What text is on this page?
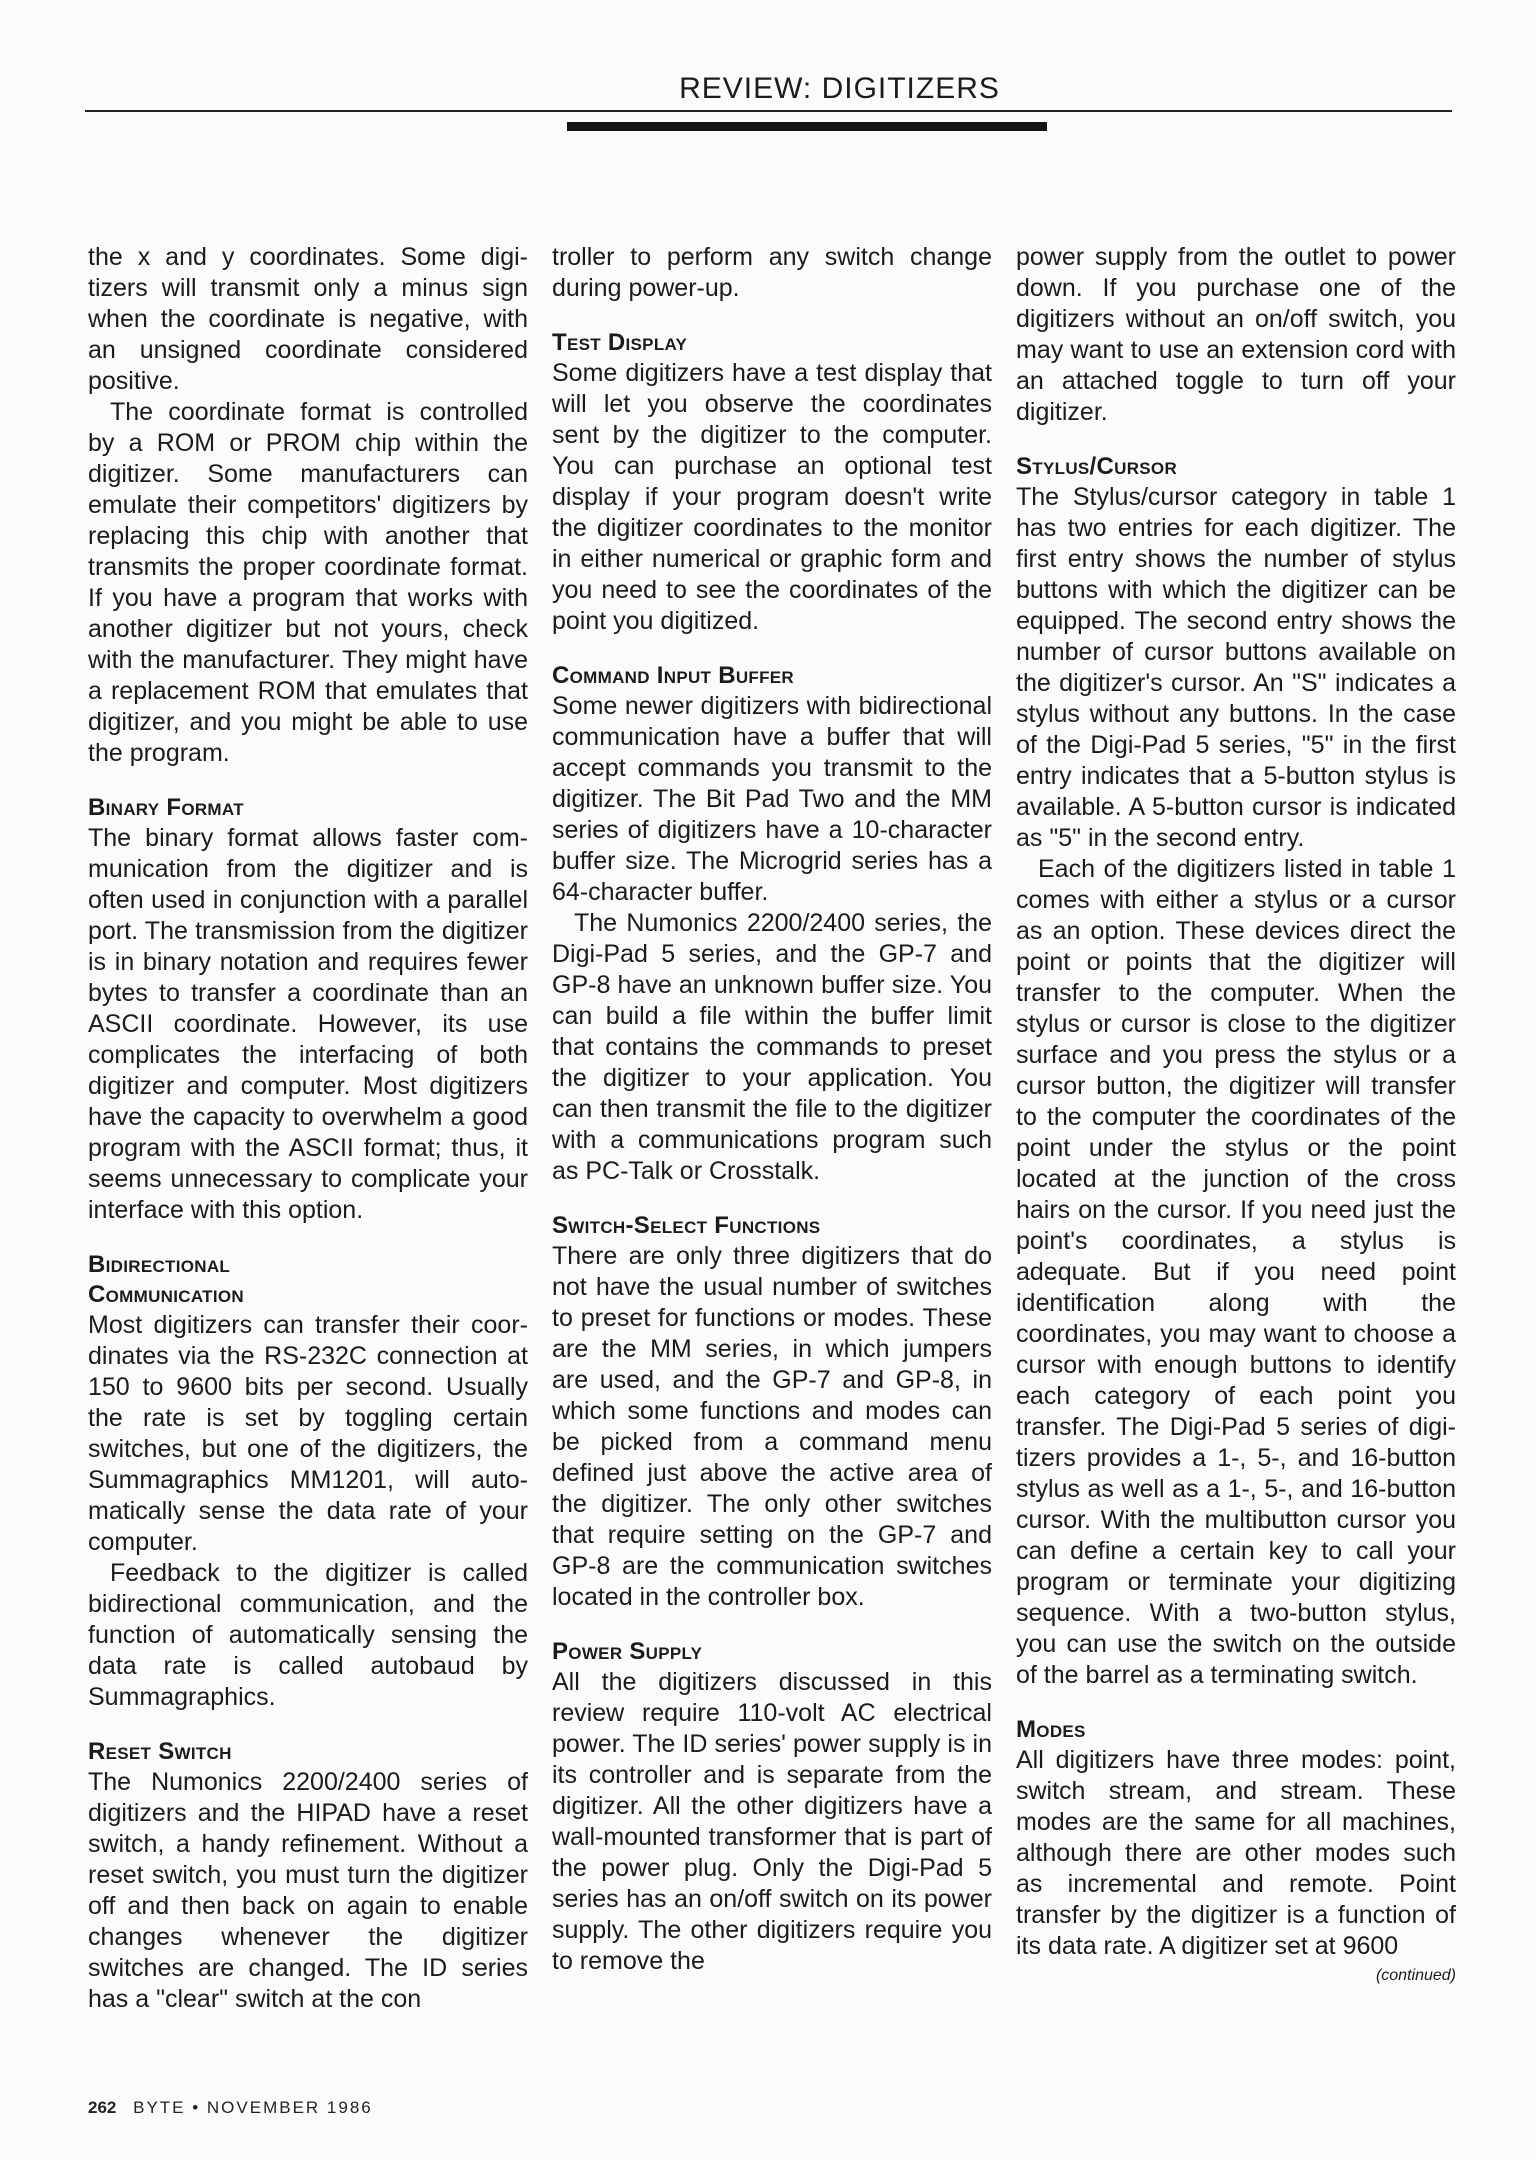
REVIEW: DIGITIZERS

the x and y coordinates. Some digitizers will transmit only a minus sign when the coordinate is negative, with an unsigned coordinate considered positive.

The coordinate format is controlled by a ROM or PROM chip within the digitizer. Some manufacturers can emulate their competitors' digitizers by replacing this chip with another that transmits the proper coordinate format. If you have a program that works with another digitizer but not yours, check with the manufacturer. They might have a replacement ROM that emulates that digitizer, and you might be able to use the program.

Binary Format

The binary format allows faster communication from the digitizer and is often used in conjunction with a parallel port. The transmission from the digitizer is in binary notation and requires fewer bytes to transfer a coordinate than an ASCII coordinate. However, its use complicates the interfacing of both digitizer and computer. Most digitizers have the capacity to overwhelm a good program with the ASCII format; thus, it seems unnecessary to complicate your interface with this option.

Bidirectional
Communication

Most digitizers can transfer their coordinates via the RS-232C connection at 150 to 9600 bits per second. Usually the rate is set by toggling certain switches, but one of the digitizers, the Summagraphics MM1201, will automatically sense the data rate of your computer.

Feedback to the digitizer is called bidirectional communication, and the function of automatically sensing the data rate is called autobaud by Summagraphics.

Reset Switch

The Numonics 2200/2400 series of digitizers and the HIPAD have a reset switch, a handy refinement. Without a reset switch, you must turn the digitizer off and then back on again to enable changes whenever the digitizer switches are changed. The ID series has a "clear" switch at the con

troller to perform any switch change during power-up.

Test Display

Some digitizers have a test display that will let you observe the coordinates sent by the digitizer to the computer. You can purchase an optional test display if your program doesn't write the digitizer coordinates to the monitor in either numerical or graphic form and you need to see the coordinates of the point you digitized.

Command Input Buffer

Some newer digitizers with bidirectional communication have a buffer that will accept commands you transmit to the digitizer. The Bit Pad Two and the MM series of digitizers have a 10-character buffer size. The Microgrid series has a 64-character buffer.

The Numonics 2200/2400 series, the Digi-Pad 5 series, and the GP-7 and GP-8 have an unknown buffer size. You can build a file within the buffer limit that contains the commands to preset the digitizer to your application. You can then transmit the file to the digitizer with a communications program such as PC-Talk or Crosstalk.

Switch-Select Functions

There are only three digitizers that do not have the usual number of switches to preset for functions or modes. These are the MM series, in which jumpers are used, and the GP-7 and GP-8, in which some functions and modes can be picked from a command menu defined just above the active area of the digitizer. The only other switches that require setting on the GP-7 and GP-8 are the communication switches located in the controller box.

Power Supply

All the digitizers discussed in this review require 110-volt AC electrical power. The ID series' power supply is in its controller and is separate from the digitizer. All the other digitizers have a wall-mounted transformer that is part of the power plug. Only the Digi-Pad 5 series has an on/off switch on its power supply. The other digitizers require you to remove the

power supply from the outlet to power down. If you purchase one of the digitizers without an on/off switch, you may want to use an extension cord with an attached toggle to turn off your digitizer.

Stylus/Cursor

The Stylus/cursor category in table 1 has two entries for each digitizer. The first entry shows the number of stylus buttons with which the digitizer can be equipped. The second entry shows the number of cursor buttons available on the digitizer's cursor. An "S" indicates a stylus without any buttons. In the case of the Digi-Pad 5 series, "5" in the first entry indicates that a 5-button stylus is available. A 5-button cursor is indicated as "5" in the second entry.

Each of the digitizers listed in table 1 comes with either a stylus or a cursor as an option. These devices direct the point or points that the digitizer will transfer to the computer. When the stylus or cursor is close to the digitizer surface and you press the stylus or a cursor button, the digitizer will transfer to the computer the coordinates of the point under the stylus or the point located at the junction of the cross hairs on the cursor. If you need just the point's coordinates, a stylus is adequate. But if you need point identification along with the coordinates, you may want to choose a cursor with enough buttons to identify each category of each point you transfer. The Digi-Pad 5 series of digitizers provides a 1-, 5-, and 16-button stylus as well as a 1-, 5-, and 16-button cursor. With the multibutton cursor you can define a certain key to call your program or terminate your digitizing sequence. With a two-button stylus, you can use the switch on the outside of the barrel as a terminating switch.

Modes

All digitizers have three modes: point, switch stream, and stream. These modes are the same for all machines, although there are other modes such as incremental and remote. Point transfer by the digitizer is a function of its data rate. A digitizer set at 9600

(continued)
262 BYTE • NOVEMBER 1986
